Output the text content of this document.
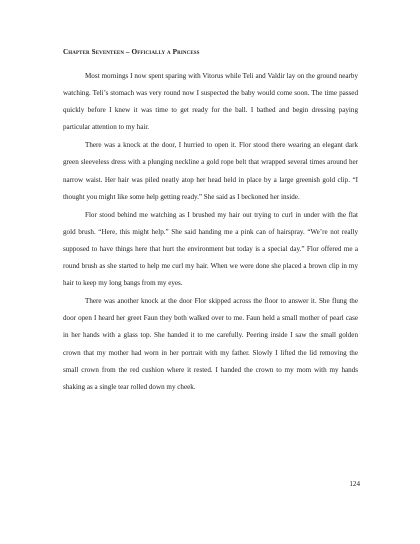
Chapter Seventeen – Officially a Princess

Most mornings I now spent sparing with Vitorus while Teli and Valdir lay on the ground nearby watching. Teli’s stomach was very round now I suspected the baby would come soon. The time passed quickly before I knew it was time to get ready for the ball. I bathed and begin dressing paying particular attention to my hair.

There was a knock at the door, I hurried to open it. Flor stood there wearing an elegant dark green sleeveless dress with a plunging neckline a gold rope belt that wrapped several times around her narrow waist. Her hair was piled neatly atop her head held in place by a large greenish gold clip. “I thought you might like some help getting ready.” She said as I beckoned her inside.

Flor stood behind me watching as I brushed my hair out trying to curl in under with the flat gold brush. “Here, this might help.” She said handing me a pink can of hairspray. “We’re not really supposed to have things here that hurt the environment but today is a special day.” Flor offered me a round brush as she started to help me curl my hair. When we were done she placed a brown clip in my hair to keep my long bangs from my eyes.

There was another knock at the door Flor skipped across the floor to answer it. She flung the door open I heard her greet Faun they both walked over to me. Faun held a small mother of pearl case in her hands with a glass top. She handed it to me carefully. Peering inside I saw the small golden crown that my mother had worn in her portrait with my father. Slowly I lifted the lid removing the small crown from the red cushion where it rested. I handed the crown to my mom with my hands shaking as a single tear rolled down my cheek.

124
